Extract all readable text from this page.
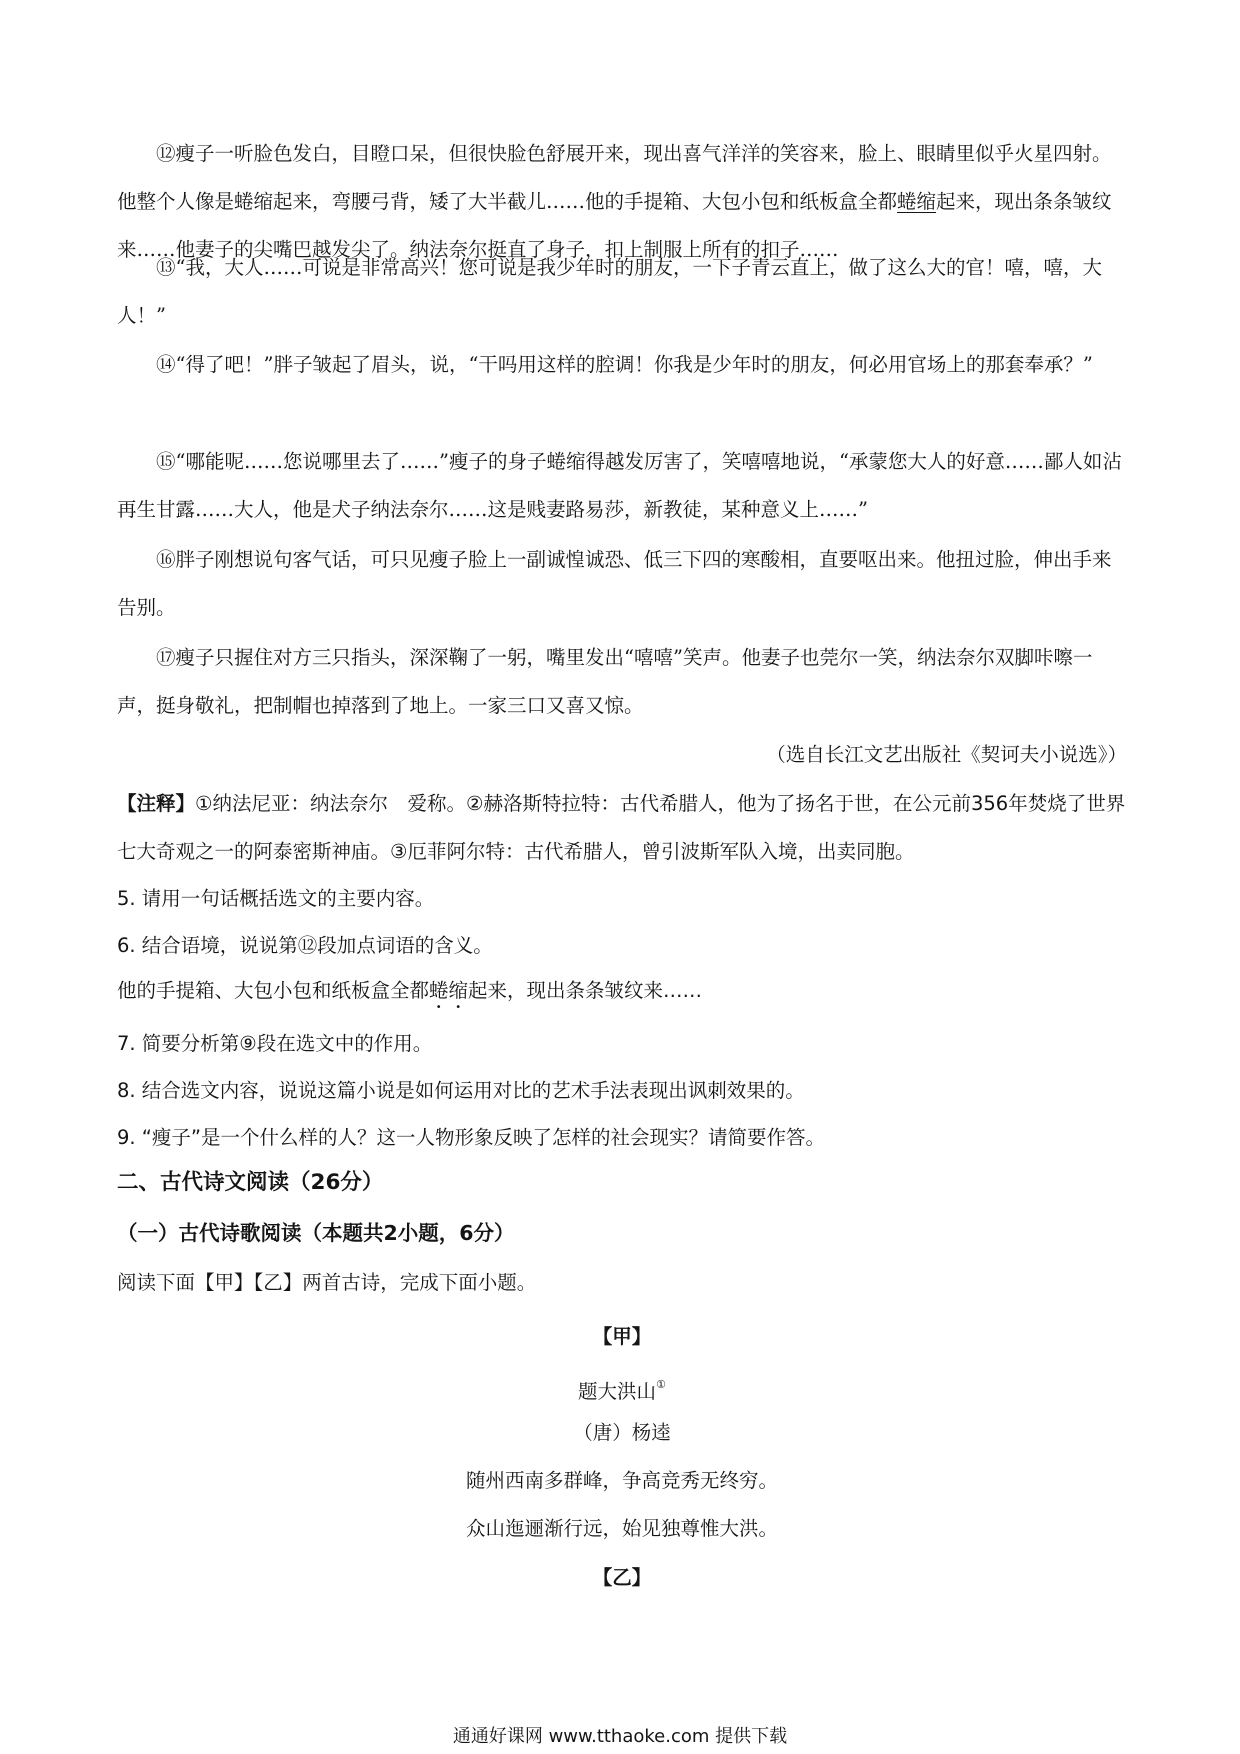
⑫瘦子一听脸色发白，目瞪口呆，但很快脸色舒展开来，现出喜气洋洋的笑容来，脸上、眼睛里似乎火星四射。他整个人像是蜷缩起来，弯腰弓背，矮了大半截儿……他的手提箱、大包小包和纸板盒全都蜷缩起来，现出条条皱纹来……他妻子的尖嘴巴越发尖了。纳法奈尔挺直了身子，扣上制服上所有的扣子……

⑬“我，大人……可说是非常高兴！您可说是我少年时的朋友，一下子青云直上，做了这么大的官！嘻，嘻，大人！”

⑭“得了吧！”胖子皱起了眉头，说，“干吗用这样的腔调！你我是少年时的朋友，何必用官场上的那套奉承？”

⑮“哪能呢……您说哪里去了……”瘦子的身子蜷缩得越发厉害了，笑嘻嘻地说，“承蒙您大人的好意……鄙人如沾再生甘露……大人，他是犬子纳法奈尔……这是贱妻路易莎，新教徒，某种意义上……”

⑯胖子刚想说句客气话，可只见瘦子脸上一副诚惶诚恐、低三下四的寒酸相，直要呕出来。他扭过脸，伸出手来告别。

⑰瘦子只握住对方三只指头，深深鞠了一躬，嘴里发出“嘻嘻”笑声。他妻子也莞尔一笑，纳法奈尔双脚咔嚓一声，挺身敬礼，把制帽也掉落到了地上。一家三口又喜又惊。

（选自长江文艺出版社《契诃夫小说选》）

【注释】①纳法尼亚：纳法奈尔　爱称。②赫洛斯特拉特：古代希腊人，他为了扬名于世，在公元前356年焚烧了世界七大奇观之一的阿泰密斯神庙。③厄菲阿尔特：古代希腊人，曾引波斯军队入境，出卖同胞。

5. 请用一句话概括选文的主要内容。
6. 结合语境，说说第⑫段加点词语的含义。
他的手提箱、大包小包和纸板盒全都蜷缩起来，现出条条皱纹来……
7. 简要分析第⑨段在选文中的作用。
8. 结合选文内容，说说这篇小说是如何运用对比的艺术手法表现出讽刺效果的。
9. “瘦子”是一个什么样的人？这一人物形象反映了怎样的社会现实？请简要作答。
二、古代诗文阅读（26分）
（一）古代诗歌阅读（本题共2小题，6分）
阅读下面【甲】【乙】两首古诗，完成下面小题。
【甲】
题大洪山①
（唐）杨逵
随州西南多群峰，争高竞秀无终穷。
众山迤逦渐行远，始见独尊惟大洪。
【乙】
通通好课网 www.tthaoke.com 提供下载
